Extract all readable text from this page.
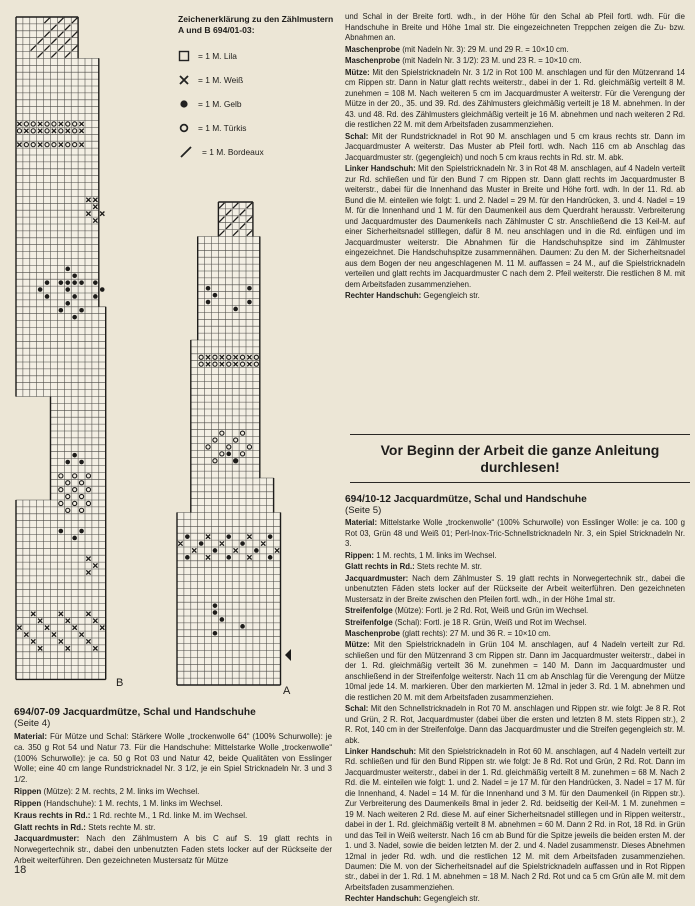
B
A
Zeichenerklärung zu den Zählmustern A und B 694/01-03:
= 1 M. Lila
= 1 M. Weiß
= 1 M. Gelb
= 1 M. Türkis
= 1 M. Bordeaux
694/07-09 Jacquardmütze, Schal und Handschuhe
(Seite 4)

Material: Für Mütze und Schal: Stärkere Wolle „trockenwolle 64“ (100% Schurwolle): je ca. 350 g Rot 54 und Natur 73. Für die Handschuhe: Mittelstarke Wolle „trockenwolle“ (100% Schurwolle): je ca. 50 g Rot 03 und Natur 42, beide Qualitäten von Esslinger Wolle; eine 40 cm lange Rundstricknadel Nr. 3 1/2, je ein Spiel Stricknadeln Nr. 3 und 3 1/2.

Rippen (Mütze): 2 M. rechts, 2 M. links im Wechsel.

Rippen (Handschuhe): 1 M. rechts, 1 M. links im Wechsel.

Kraus rechts in Rd.: 1 Rd. rechte M., 1 Rd. linke M. im Wechsel.

Glatt rechts in Rd.: Stets rechte M. str.

Jacquardmuster: Nach den Zählmustern A bis C auf S. 19 glatt rechts in Norwegertechnik str., dabei den unbenutzten Faden stets locker auf der Rückseite der Arbeit weiterführen. Den gezeichneten Mustersatz für Mütze

und Schal in der Breite fortl. wdh., in der Höhe für den Schal ab Pfeil fortl. wdh. Für die Handschuhe in Breite und Höhe 1mal str. Die eingezeichneten Treppchen zeigen die Zu- bzw. Abnahmen an.

Maschenprobe (mit Nadeln Nr. 3): 29 M. und 29 R. = 10×10 cm.

Maschenprobe (mit Nadeln Nr. 3 1/2): 23 M. und 23 R. = 10×10 cm.

Mütze: Mit den Spielstricknadeln Nr. 3 1/2 in Rot 100 M. anschlagen und für den Mützenrand 14 cm Rippen str. Dann in Natur glatt rechts weiterstr., dabei in der 1. Rd. gleichmäßig verteilt 8 M. zunehmen = 108 M. Nach weiteren 5 cm im Jacquardmuster A weiterstr. Für die Verengung der Mütze in der 20., 35. und 39. Rd. des Zählmusters gleichmäßig verteilt je 18 M. abnehmen. In der 43. und 48. Rd. des Zählmusters gleichmäßig verteilt je 16 M. abnehmen und nach weiteren 2 Rd. die restlichen 22 M. mit dem Arbeitsfaden zusammenziehen.

Schal: Mit der Rundstricknadel in Rot 90 M. anschlagen und 5 cm kraus rechts str. Dann im Jacquardmuster A weiterstr. Das Muster ab Pfeil fortl. wdh. Nach 116 cm ab Anschlag das Jacquardmuster str. (gegengleich) und noch 5 cm kraus rechts in Rd. str. M. abk.

Linker Handschuh: Mit den Spielstricknadeln Nr. 3 in Rot 48 M. anschlagen, auf 4 Nadeln verteilt zur Rd. schließen und für den Bund 7 cm Rippen str. Dann glatt rechts im Jacquardmuster B weiterstr., dabei für die Innenhand das Muster in Breite und Höhe fortl. wdh. In der 11. Rd. ab Bund die M. einteilen wie folgt: 1. und 2. Nadel = 29 M. für den Handrücken, 3. und 4. Nadel = 19 M. für die Innenhand und 1 M. für den Daumenkeil aus dem Querdraht herausstr. Verbreiterung und Jacquardmuster des Daumenkeils nach Zählmuster C str. Anschließend die 13 Keil-M. auf einer Sicherheitsnadel stilllegen, dafür 8 M. neu anschlagen und in die Rd. einfügen und im Jacquardmuster weiterstr. Die Abnahmen für die Handschuhspitze sind im Zählmuster eingezeichnet. Die Handschuhspitze zusammennähen. Daumen: Zu den M. der Sicherheitsnadel aus dem Bogen der neu angeschlagenen M. 11 M. auffassen = 24 M., auf die Spielstricknadeln verteilen und glatt rechts im Jacquardmuster C nach dem 2. Pfeil weiterstr. Die restlichen 8 M. mit dem Arbeitsfaden zusammenziehen.

Rechter Handschuh: Gegengleich str.

Vor Beginn der Arbeit die ganze Anleitung durchlesen!
694/10-12 Jacquardmütze, Schal und Handschuhe
(Seite 5)

Material: Mittelstarke Wolle „trockenwolle“ (100% Schurwolle) von Esslinger Wolle: je ca. 100 g Rot 03, Grün 48 und Weiß 01; Perl-Inox-Tric-Schnellstricknadeln Nr. 3, ein Spiel Stricknadeln Nr. 3.

Rippen: 1 M. rechts, 1 M. links im Wechsel.

Glatt rechts in Rd.: Stets rechte M. str.

Jacquardmuster: Nach dem Zählmuster S. 19 glatt rechts in Norwegertechnik str., dabei die unbenutzten Fäden stets locker auf der Rückseite der Arbeit weiterführen. Den gezeichneten Mustersatz in der Breite zwischen den Pfeilen fortl. wdh., in der Höhe 1mal str.

Streifenfolge (Mütze): Fortl. je 2 Rd. Rot, Weiß und Grün im Wechsel.

Streifenfolge (Schal): Fortl. je 18 R. Grün, Weiß und Rot im Wechsel.

Maschenprobe (glatt rechts): 27 M. und 36 R. = 10×10 cm.

Mütze: Mit den Spielstricknadeln in Grün 104 M. anschlagen, auf 4 Nadeln verteilt zur Rd. schließen und für den Mützenrand 3 cm Rippen str. Dann im Jacquardmuster weiterstr., dabei in der 1. Rd. gleichmäßig verteilt 36 M. zunehmen = 140 M. Dann im Jacquardmuster und anschließend in der Streifenfolge weiterstr. Nach 11 cm ab Anschlag für die Verengung der Mütze 10mal jede 14. M. markieren. Über den markierten M. 12mal in jeder 3. Rd. 1 M. abnehmen und die restlichen 20 M. mit dem Arbeitsfaden zusammenziehen.

Schal: Mit den Schnellstricknadeln in Rot 70 M. anschlagen und Rippen str. wie folgt: Je 8 R. Rot und Grün, 2 R. Rot, Jacquardmuster (dabei über die ersten und letzten 8 M. stets Rippen str.), 2 R. Rot, 140 cm in der Streifenfolge. Dann das Jacquardmuster und die Streifen gegengleich str. M. abk.

Linker Handschuh: Mit den Spielstricknadeln in Rot 60 M. anschlagen, auf 4 Nadeln verteilt zur Rd. schließen und für den Bund Rippen str. wie folgt: Je 8 Rd. Rot und Grün, 2 Rd. Rot. Dann im Jacquardmuster weiterstr., dabei in der 1. Rd. gleichmäßig verteilt 8 M. zunehmen = 68 M. Nach 2 Rd. die M. einteilen wie folgt: 1. und 2. Nadel = je 17 M. für den Handrücken, 3. Nadel = 17 M. für die Innenhand, 4. Nadel = 14 M. für die Innenhand und 3 M. für den Daumenkeil (in Rippen str.). Zur Verbreiterung des Daumenkeils 8mal in jeder 2. Rd. beidseitig der Keil-M. 1 M. zunehmen = 19 M. Nach weiteren 2 Rd. diese M. auf einer Sicherheitsnadel stilllegen und in Rippen weiterstr., dabei in der 1. Rd. gleichmäßig verteilt 8 M. abnehmen = 60 M. Dann 2 Rd. in Rot, 18 Rd. in Grün und das Teil in Weiß weiterstr. Nach 16 cm ab Bund für die Spitze jeweils die beiden ersten M. der 1. und 3. Nadel, sowie die beiden letzten M. der 2. und 4. Nadel zusammenstr. Dieses Abnehmen 12mal in jeder Rd. wdh. und die restlichen 12 M. mit dem Arbeitsfaden zusammenziehen. Daumen: Die M. von der Sicherheitsnadel auf die Spielstricknadeln auffassen und in Rot Rippen str., dabei in der 1. Rd. 1 M. abnehmen = 18 M. Nach 2 Rd. Rot und ca 5 cm Grün alle M. mit dem Arbeitsfaden zusammenziehen.

Rechter Handschuh: Gegengleich str.

18
